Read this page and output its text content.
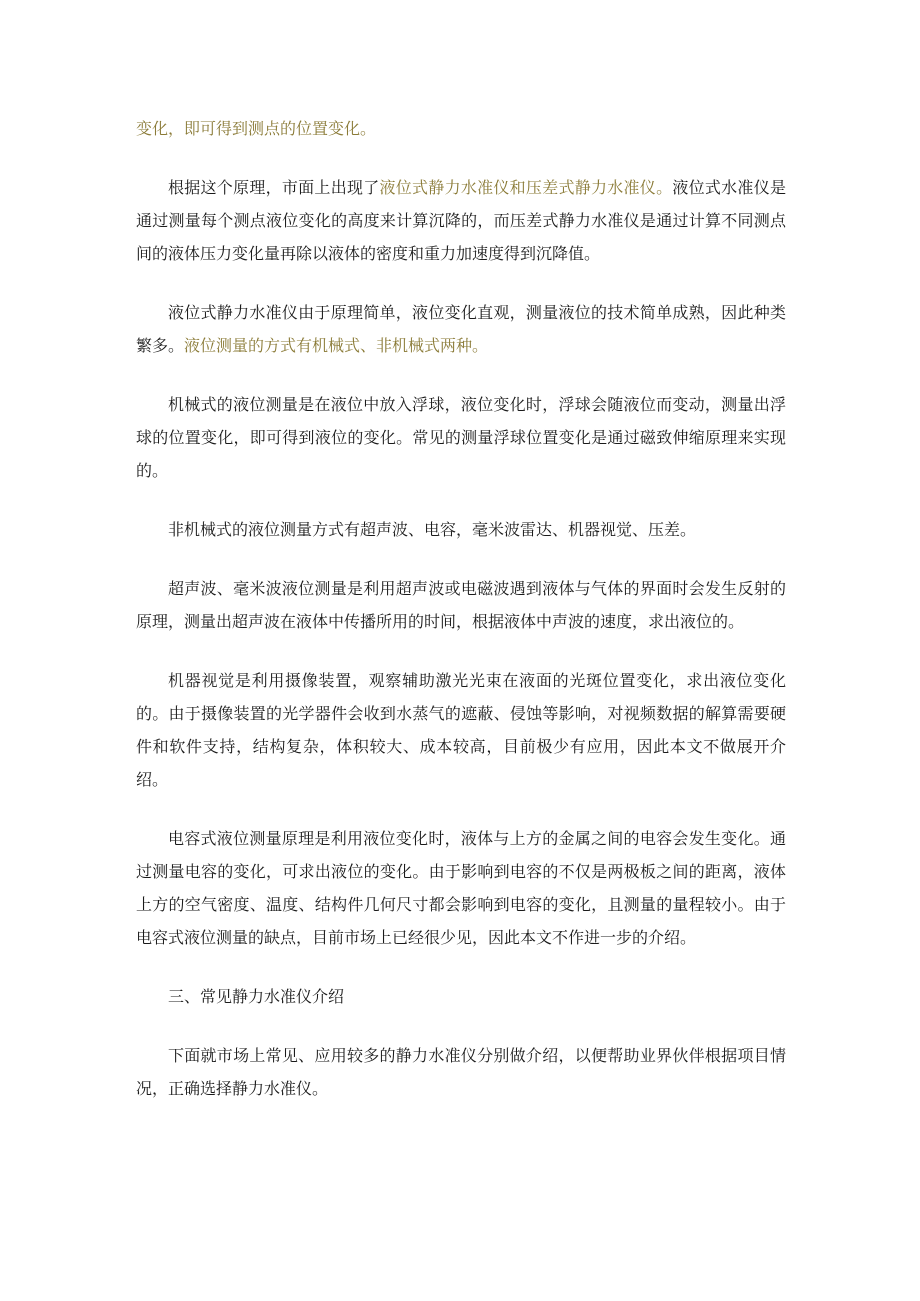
变化，即可得到测点的位置变化。

根据这个原理，市面上出现了液位式静力水准仪和压差式静力水准仪。液位式水准仪是通过测量每个测点液位变化的高度来计算沉降的，而压差式静力水准仪是通过计算不同测点间的液体压力变化量再除以液体的密度和重力加速度得到沉降值。

液位式静力水准仪由于原理简单，液位变化直观，测量液位的技术简单成熟，因此种类繁多。液位测量的方式有机械式、非机械式两种。

机械式的液位测量是在液位中放入浮球，液位变化时，浮球会随液位而变动，测量出浮球的位置变化，即可得到液位的变化。常见的测量浮球位置变化是通过磁致伸缩原理来实现的。

非机械式的液位测量方式有超声波、电容，毫米波雷达、机器视觉、压差。

超声波、毫米波液位测量是利用超声波或电磁波遇到液体与气体的界面时会发生反射的原理，测量出超声波在液体中传播所用的时间，根据液体中声波的速度，求出液位的。

机器视觉是利用摄像装置，观察辅助激光光束在液面的光斑位置变化，求出液位变化的。由于摄像装置的光学器件会收到水蒸气的遮蔽、侵蚀等影响，对视频数据的解算需要硬件和软件支持，结构复杂，体积较大、成本较高，目前极少有应用，因此本文不做展开介绍。

电容式液位测量原理是利用液位变化时，液体与上方的金属之间的电容会发生变化。通过测量电容的变化，可求出液位的变化。由于影响到电容的不仅是两极板之间的距离，液体上方的空气密度、温度、结构件几何尺寸都会影响到电容的变化，且测量的量程较小。由于电容式液位测量的缺点，目前市场上已经很少见，因此本文不作进一步的介绍。

三、常见静力水准仪介绍

下面就市场上常见、应用较多的静力水准仪分别做介绍，以便帮助业界伙伴根据项目情况，正确选择静力水准仪。
